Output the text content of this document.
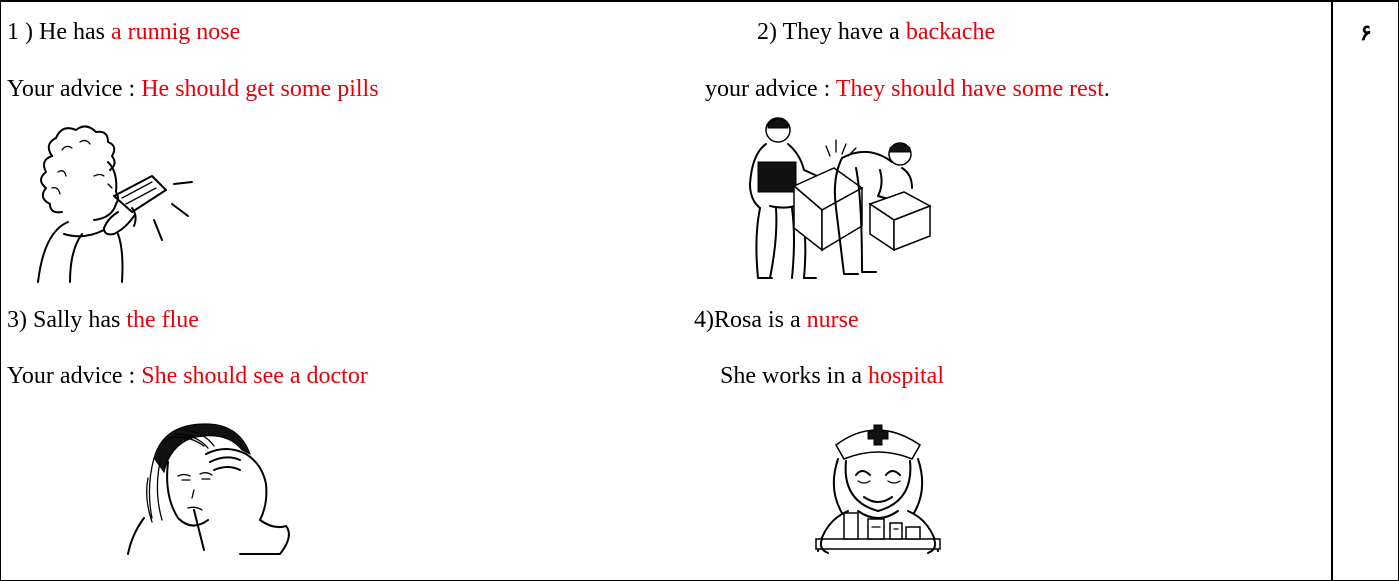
۶
1 ) He has a runnig nose
Your advice : He should get some pills
2) They have a backache
your advice : They should have some rest.
3) Sally has the flue
Your advice : She should see a doctor
4)Rosa is a nurse
She works in a hospital
